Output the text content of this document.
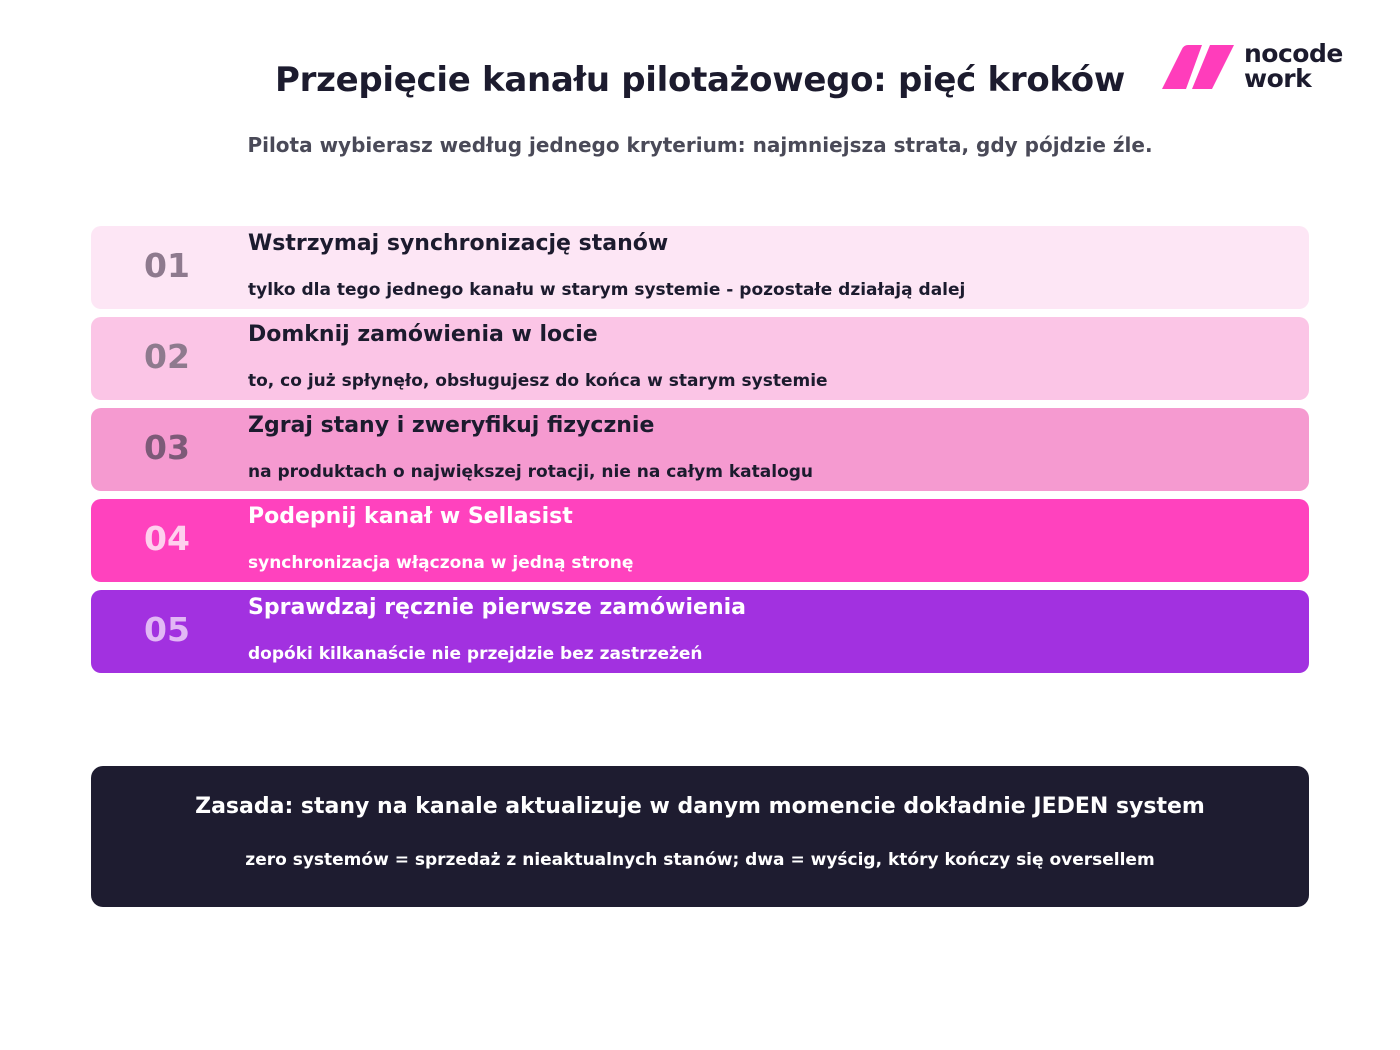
Przepięcie kanału pilotażowego: pięć kroków
Pilota wybierasz według jednego kryterium: najmniejsza strata, gdy pójdzie źle.
nocode
work
01
Wstrzymaj synchronizację stanów
tylko dla tego jednego kanału w starym systemie - pozostałe działają dalej
02
Domknij zamówienia w locie
to, co już spłynęło, obsługujesz do końca w starym systemie
03
Zgraj stany i zweryfikuj fizycznie
na produktach o największej rotacji, nie na całym katalogu
04
Podepnij kanał w Sellasist
synchronizacja włączona w jedną stronę
05
Sprawdzaj ręcznie pierwsze zamówienia
dopóki kilkanaście nie przejdzie bez zastrzeżeń
Zasada: stany na kanale aktualizuje w danym momencie dokładnie JEDEN system
zero systemów = sprzedaż z nieaktualnych stanów; dwa = wyścig, który kończy się oversellem
